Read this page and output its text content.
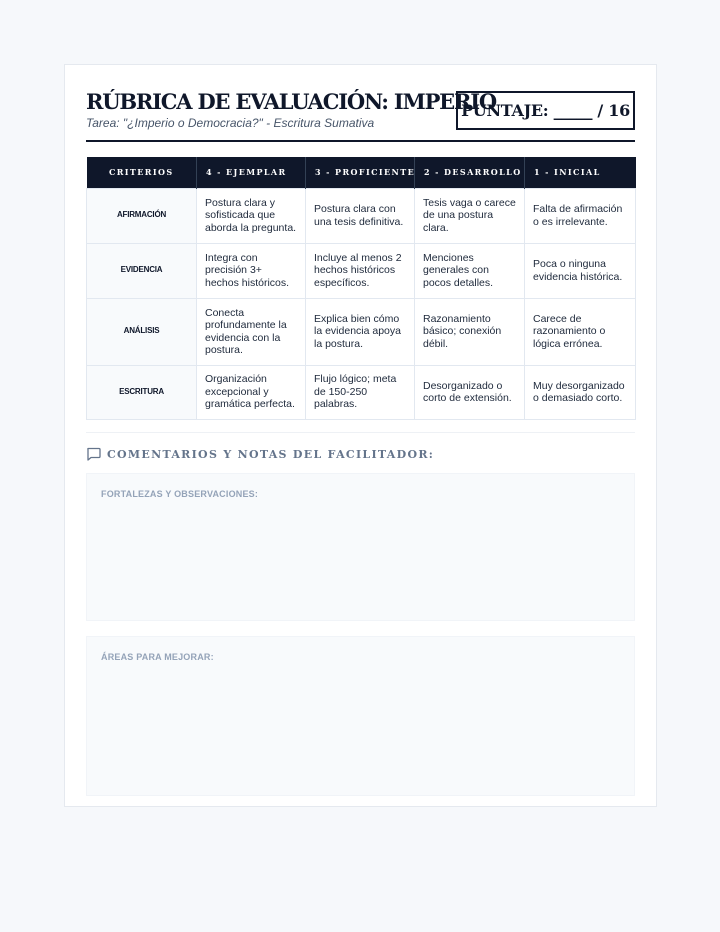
RÚBRICA DE EVALUACIÓN: IMPERIO
Tarea: "¿Imperio o Democracia?" - Escritura Sumativa
PUNTAJE: _____ / 16
CRITERIOS	4 - EJEMPLAR	3 - PROFICIENTE	2 - DESARROLLO	1 - INICIAL
AFIRMACIÓN	Postura clara y sofisticada que aborda la pregunta.	Postura clara con una tesis definitiva.	Tesis vaga o carece de una postura clara.	Falta de afirmación o es irrelevante.
EVIDENCIA	Integra con precisión 3+ hechos históricos.	Incluye al menos 2 hechos históricos específicos.	Menciones generales con pocos detalles.	Poca o ninguna evidencia histórica.
ANÁLISIS	Conecta profundamente la evidencia con la postura.	Explica bien cómo la evidencia apoya la postura.	Razonamiento básico; conexión débil.	Carece de razonamiento o lógica errónea.
ESCRITURA	Organización excepcional y gramática perfecta.	Flujo lógico; meta de 150-250 palabras.	Desorganizado o corto de extensión.	Muy desorganizado o demasiado corto.
COMENTARIOS Y NOTAS DEL FACILITADOR:
FORTALEZAS Y OBSERVACIONES:
ÁREAS PARA MEJORAR:
